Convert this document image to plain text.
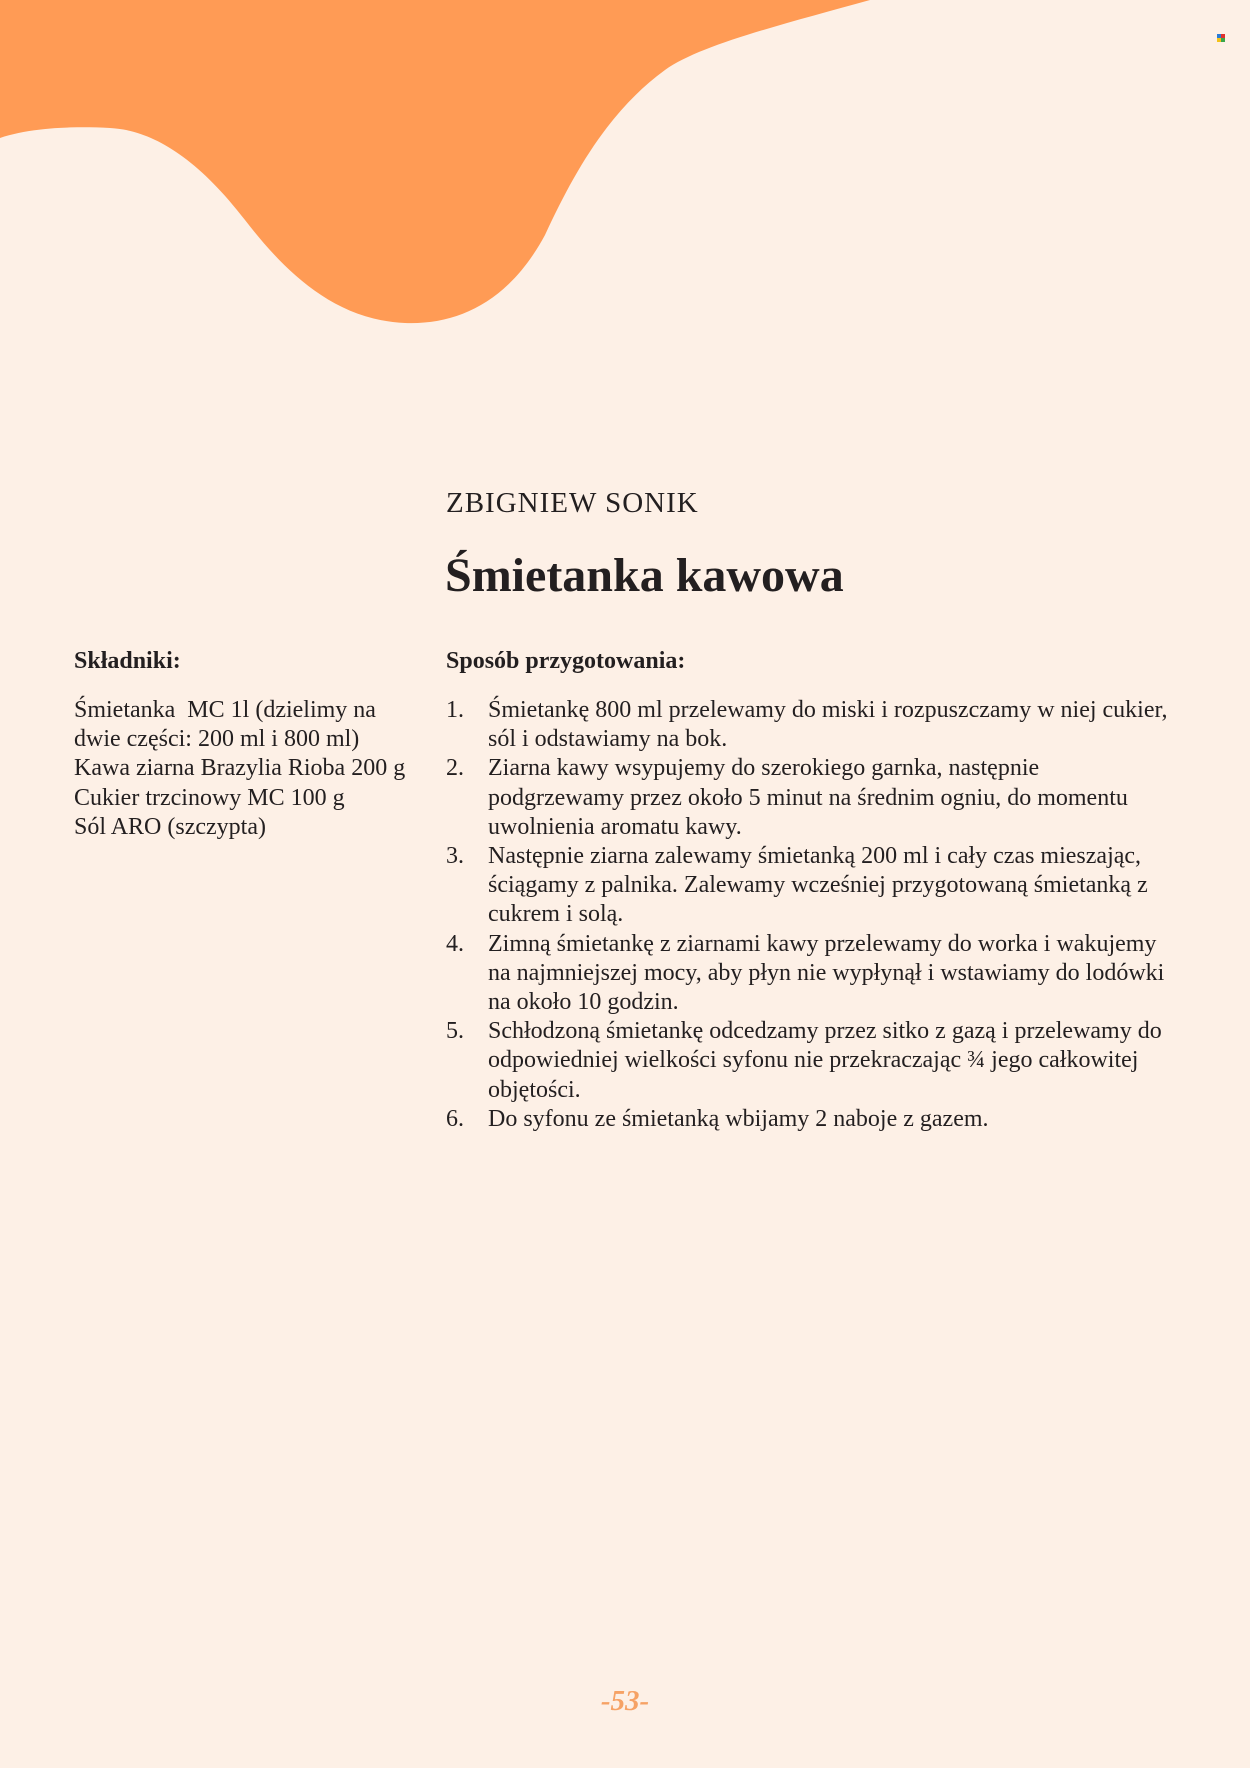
ZBIGNIEW SONIK
Śmietanka kawowa
Składniki:
Śmietanka  MC 1l (dzielimy na
dwie części: 200 ml i 800 ml)
Kawa ziarna Brazylia Rioba 200 g
Cukier trzcinowy MC 100 g
Sól ARO (szczypta)
Sposób przygotowania:
1. Śmietankę 800 ml przelewamy do miski i rozpuszczamy w niej cukier, sól i odstawiamy na bok.
2. Ziarna kawy wsypujemy do szerokiego garnka, następnie podgrzewamy przez około 5 minut na średnim ogniu, do momentu uwolnienia aromatu kawy.
3. Następnie ziarna zalewamy śmietanką 200 ml i cały czas mieszając, ściągamy z palnika. Zalewamy wcześniej przygotowaną śmietanką z cukrem i solą.
4. Zimną śmietankę z ziarnami kawy przelewamy do worka i wakujemy na najmniejszej mocy, aby płyn nie wypłynął i wstawiamy do lodówki na około 10 godzin.
5. Schłodzoną śmietankę odcedzamy przez sitko z gazą i przelewamy do odpowiedniej wielkości syfonu nie przekraczając ¾ jego całkowitej objętości.
6. Do syfonu ze śmietanką wbijamy 2 naboje z gazem.
-53-
